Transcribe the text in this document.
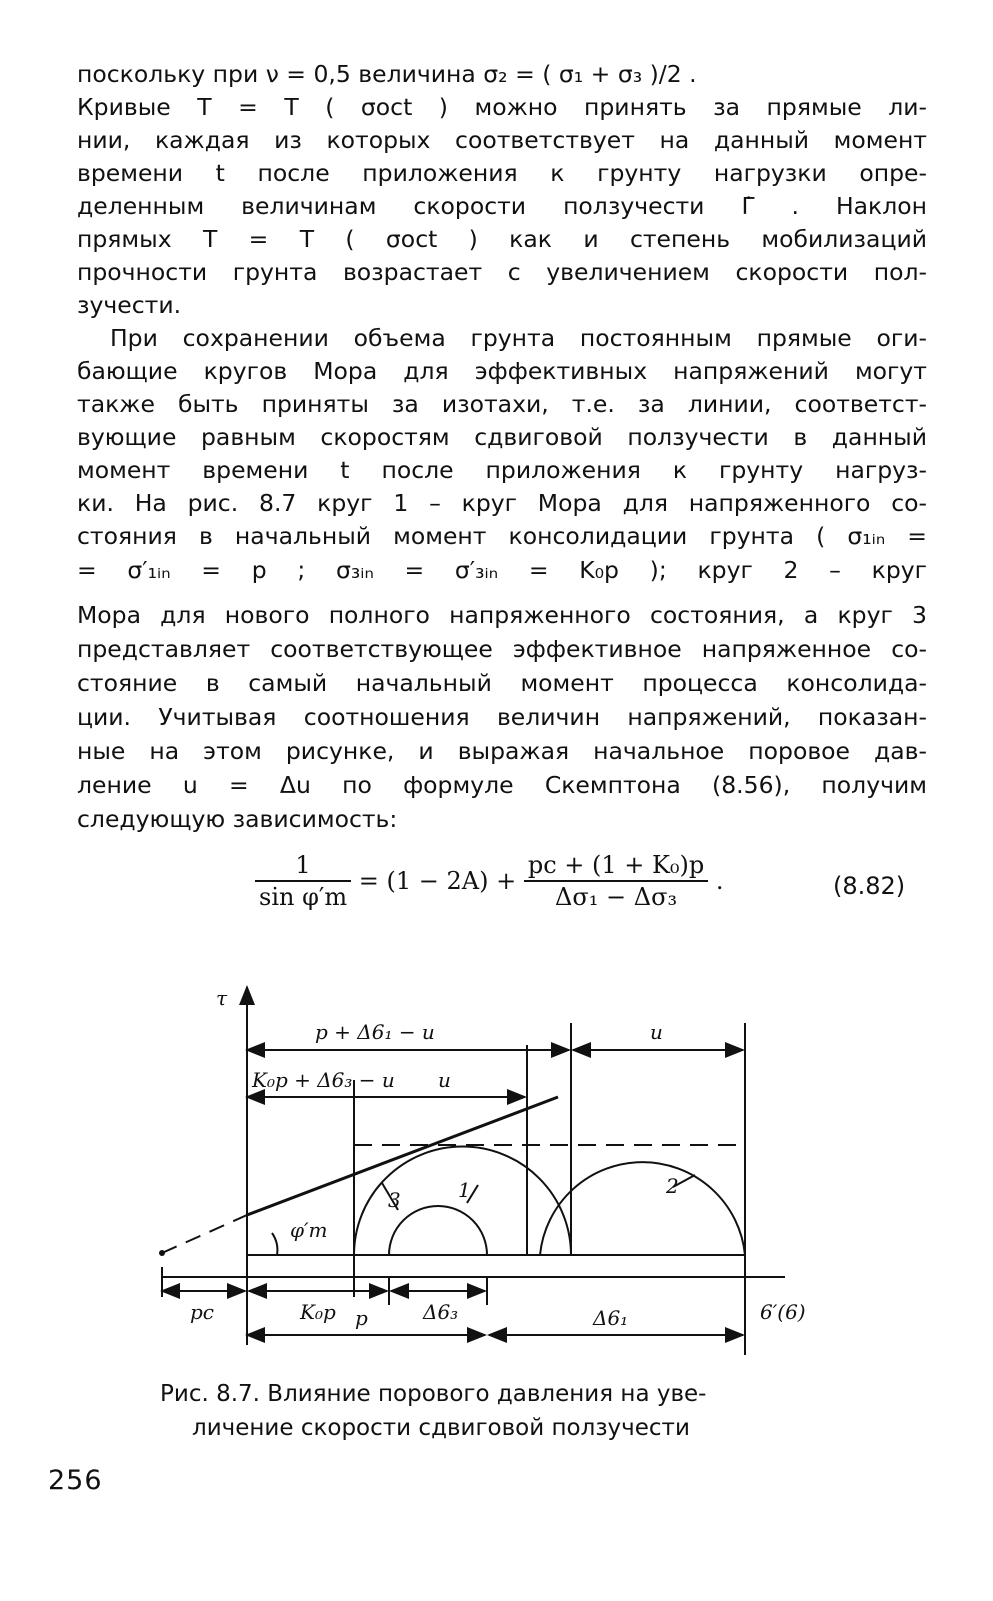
поскольку при ν = 0,5 величина σ₂ = ( σ₁ + σ₃ )/2 .
Кривые T = T ( σoct ) можно принять за прямые ли-
нии, каждая из которых соответствует на данный момент
времени t после приложения к грунту нагрузки опре-
деленным величинам скорости ползучести Γ̇ . Наклон
прямых T = T ( σoct ) как и степень мобилизаций
прочности грунта возрастает с увеличением скорости пол-
зучести.
При сохранении объема грунта постоянным прямые оги-
бающие кругов Мора для эффективных напряжений могут
также быть приняты за изотахи, т.е. за линии, соответст-
вующие равным скоростям сдвиговой ползучести в данный
момент времени t после приложения к грунту нагруз-
ки. На рис. 8.7 круг 1 – круг Мора для напряженного со-
стояния в начальный момент консолидации грунта ( σ₁ᵢₙ =
= σ′₁ᵢₙ = p ; σ₃ᵢₙ = σ′₃ᵢₙ = K₀p ); круг 2 – круг
Мора для нового полного напряженного состояния, а круг 3
представляет соответствующее эффективное напряженное со-
стояние в самый начальный момент процесса консолида-
ции. Учитывая соотношения величин напряжений, показан-
ные на этом рисунке, и выражая начальное поровое дав-
ление u = Δu по формуле Скемптона (8.56), получим
следующую зависимость:
$\frac{1}{\text{sin φ′m}} = (1 - 2A) + \frac{\text{pc + (1 + K₀)p}}{\text{Δσ₁ − Δσ₃}}$ .	(8.82)
τ
p + Δ6₁ − u	u
K₀p + Δ6₃ − u u
3	1	2
φ′m
pc	K₀p	Δ6₃	6′(6)
p	Δ6₁
Рис. 8.7. Влияние порового давления на уве-
личение скорости сдвиговой ползучести
256
